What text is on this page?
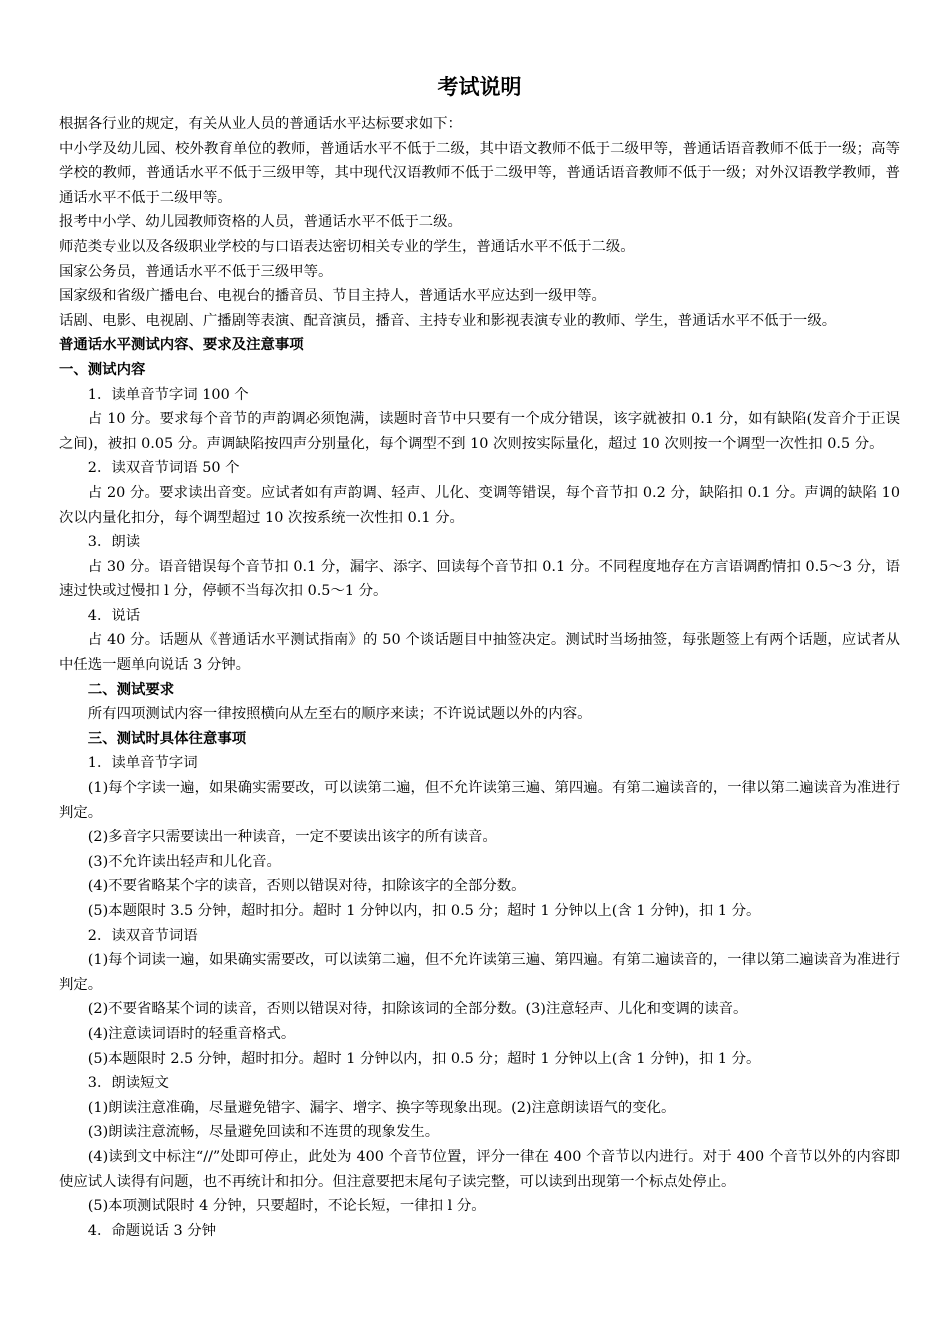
考试说明

根据各行业的规定，有关从业人员的普通话水平达标要求如下：

中小学及幼儿园、校外教育单位的教师，普通话水平不低于二级，其中语文教师不低于二级甲等，普通话语音教师不低于一级；高等学校的教师，普通话水平不低于三级甲等，其中现代汉语教师不低于二级甲等，普通话语音教师不低于一级；对外汉语教学教师，普通话水平不低于二级甲等。

报考中小学、幼儿园教师资格的人员，普通话水平不低于二级。

师范类专业以及各级职业学校的与口语表达密切相关专业的学生，普通话水平不低于二级。

国家公务员，普通话水平不低于三级甲等。

国家级和省级广播电台、电视台的播音员、节目主持人，普通话水平应达到一级甲等。

话剧、电影、电视剧、广播剧等表演、配音演员，播音、主持专业和影视表演专业的教师、学生，普通话水平不低于一级。

普通话水平测试内容、要求及注意事项

一、测试内容

1．读单音节字词 100 个

占 10 分。要求每个音节的声韵调必须饱满，读题时音节中只要有一个成分错误，该字就被扣 0.1 分，如有缺陷(发音介于正误之间)，被扣 0.05 分。声调缺陷按四声分别量化，每个调型不到 10 次则按实际量化，超过 10 次则按一个调型一次性扣 0.5 分。

2．读双音节词语 50 个

占 20 分。要求读出音变。应试者如有声韵调、轻声、儿化、变调等错误，每个音节扣 0.2 分，缺陷扣 0.1 分。声调的缺陷 10 次以内量化扣分，每个调型超过 10 次按系统一次性扣 0.1 分。

3．朗读

占 30 分。语音错误每个音节扣 0.1 分，漏字、添字、回读每个音节扣 0.1 分。不同程度地存在方言语调酌情扣 0.5～3 分，语速过快或过慢扣 l 分，停顿不当每次扣 0.5～1 分。

4．说话

占 40 分。话题从《普通话水平测试指南》的 50 个谈话题目中抽签决定。测试时当场抽签，每张题签上有两个话题，应试者从中任选一题单向说话 3 分钟。

二、测试要求

所有四项测试内容一律按照横向从左至右的顺序来读；不许说试题以外的内容。

三、测试时具体往意事项

1．读单音节字词

(1)每个字读一遍，如果确实需要改，可以读第二遍，但不允许读第三遍、第四遍。有第二遍读音的，一律以第二遍读音为准进行判定。

(2)多音字只需要读出一种读音，一定不要读出该字的所有读音。

(3)不允许读出轻声和儿化音。

(4)不要省略某个字的读音，否则以错误对待，扣除该字的全部分数。

(5)本题限时 3.5 分钟，超时扣分。超时 1 分钟以内，扣 0.5 分；超时 1 分钟以上(含 1 分钟)，扣 1 分。

2．读双音节词语

(1)每个词读一遍，如果确实需要改，可以读第二遍，但不允许读第三遍、第四遍。有第二遍读音的，一律以第二遍读音为准进行判定。

(2)不要省略某个词的读音，否则以错误对待，扣除该词的全部分数。(3)注意轻声、儿化和变调的读音。

(4)注意读词语时的轻重音格式。

(5)本题限时 2.5 分钟，超时扣分。超时 1 分钟以内，扣 0.5 分；超时 1 分钟以上(含 1 分钟)，扣 1 分。

3．朗读短文

(1)朗读注意准确，尽量避免错字、漏字、增字、换字等现象出现。(2)注意朗读语气的变化。

(3)朗读注意流畅，尽量避免回读和不连贯的现象发生。

(4)读到文中标注“//”处即可停止，此处为 400 个音节位置，评分一律在 400 个音节以内进行。对于 400 个音节以外的内容即使应试人读得有问题，也不再统计和扣分。但注意要把末尾句子读完整，可以读到出现第一个标点处停止。

(5)本项测试限时 4 分钟，只要超时，不论长短，一律扣 l 分。

4．命题说话 3 分钟
